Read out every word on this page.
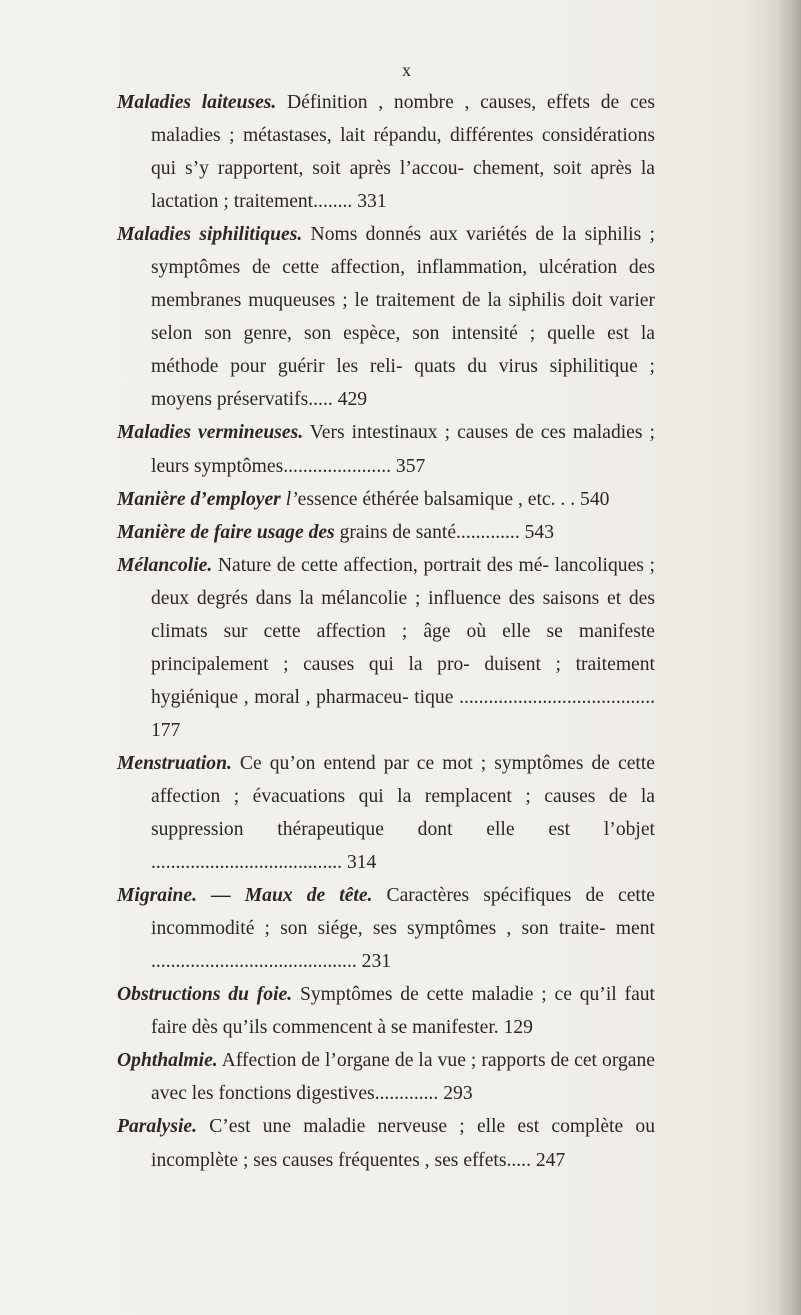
x
Maladies laiteuses. Définition , nombre , causes, effets de ces maladies ; métastases, lait répandu, différentes considérations qui s’y rapportent, soit après l’accou- chement, soit après la lactation ; traitement........ 331
Maladies siphilitiques. Noms donnés aux variétés de la siphilis ; symptômes de cette affection, inflammation, ulcération des membranes muqueuses ; le traitement de la siphilis doit varier selon son genre, son espèce, son intensité ; quelle est la méthode pour guérir les reli- quats du virus siphilitique ; moyens préservatifs..... 429
Maladies vermineuses. Vers intestinaux ; causes de ces maladies ; leurs symptômes...................... 357
Manière d’employer l’essence éthérée balsamique , etc. . . 540
Manière de faire usage des grains de santé............. 543
Mélancolie. Nature de cette affection, portrait des mé- lancoliques ; deux degrés dans la mélancolie ; influence des saisons et des climats sur cette affection ; âge où elle se manifeste principalement ; causes qui la pro- duisent ; traitement hygiénique , moral , pharmaceu- tique ........................................ 177
Menstruation. Ce qu’on entend par ce mot ; symptômes de cette affection ; évacuations qui la remplacent ; causes de la suppression thérapeutique dont elle est l’objet ....................................... 314
Migraine. — Maux de tête. Caractères spécifiques de cette incommodité ; son siége, ses symptômes , son traite- ment .......................................... 231
Obstructions du foie. Symptômes de cette maladie ; ce qu’il faut faire dès qu’ils commencent à se manifester. 129
Ophthalmie. Affection de l’organe de la vue ; rapports de cet organe avec les fonctions digestives............. 293
Paralysie. C’est une maladie nerveuse ; elle est complète ou incomplète ; ses causes fréquentes , ses effets..... 247
